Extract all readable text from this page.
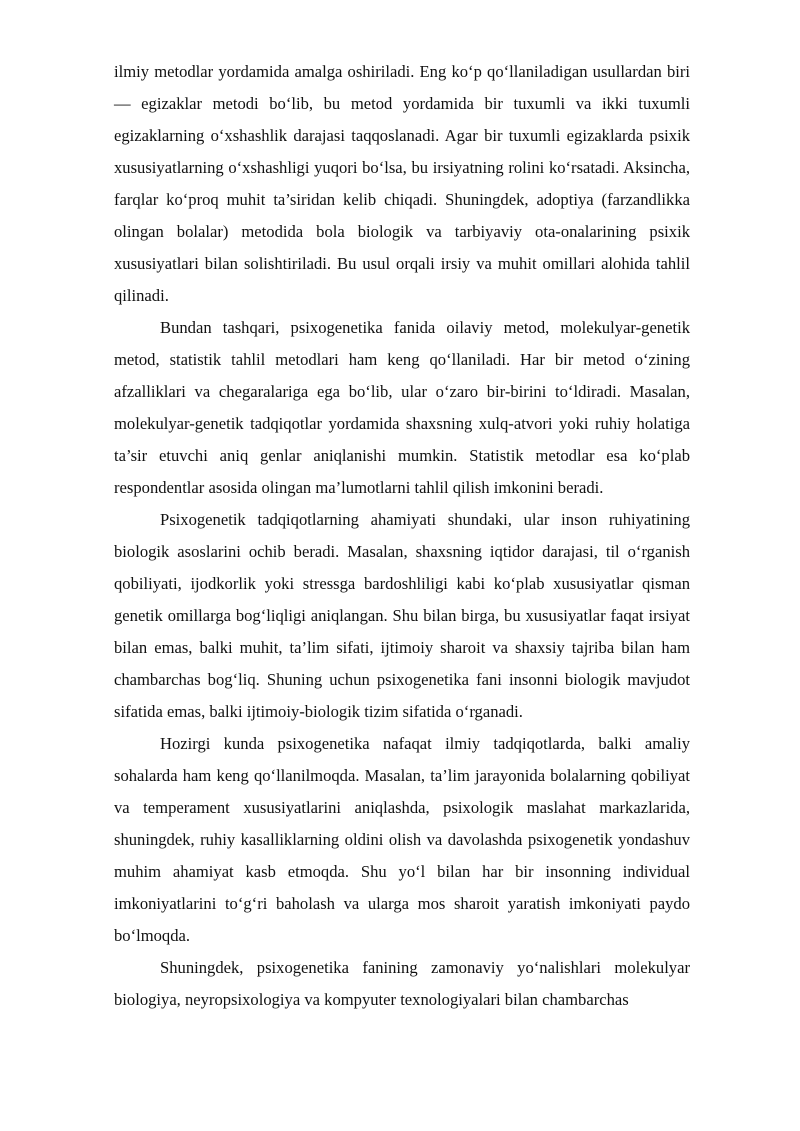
ilmiy metodlar yordamida amalga oshiriladi. Eng ko‘p qo‘llaniladigan usullardan biri — egizaklar metodi bo‘lib, bu metod yordamida bir tuxumli va ikki tuxumli egizaklarning o‘xshashlik darajasi taqqoslanadi. Agar bir tuxumli egizaklarda psixik xususiyatlarning o‘xshashligi yuqori bo‘lsa, bu irsiyatning rolini ko‘rsatadi. Aksincha, farqlar ko‘proq muhit ta’siridan kelib chiqadi. Shuningdek, adoptiya (farzandlikka olingan bolalar) metodida bola biologik va tarbiyaviy ota-onalarining psixik xususiyatlari bilan solishtiriladi. Bu usul orqali irsiy va muhit omillari alohida tahlil qilinadi.

Bundan tashqari, psixogenetika fanida oilaviy metod, molekulyar-genetik metod, statistik tahlil metodlari ham keng qo‘llaniladi. Har bir metod o‘zining afzalliklari va chegaralariga ega bo‘lib, ular o‘zaro bir-birini to‘ldiradi. Masalan, molekulyar-genetik tadqiqotlar yordamida shaxsning xulq-atvori yoki ruhiy holatiga ta’sir etuvchi aniq genlar aniqlanishi mumkin. Statistik metodlar esa ko‘plab respondentlar asosida olingan ma’lumotlarni tahlil qilish imkonini beradi.

Psixogenetik tadqiqotlarning ahamiyati shundaki, ular inson ruhiyatining biologik asoslarini ochib beradi. Masalan, shaxsning iqtidor darajasi, til o‘rganish qobiliyati, ijodkorlik yoki stressga bardoshliligi kabi ko‘plab xususiyatlar qisman genetik omillarga bog‘liqligi aniqlangan. Shu bilan birga, bu xususiyatlar faqat irsiyat bilan emas, balki muhit, ta’lim sifati, ijtimoiy sharoit va shaxsiy tajriba bilan ham chambarchas bog‘liq. Shuning uchun psixogenetika fani insonni biologik mavjudot sifatida emas, balki ijtimoiy-biologik tizim sifatida o‘rganadi.

Hozirgi kunda psixogenetika nafaqat ilmiy tadqiqotlarda, balki amaliy sohalarda ham keng qo‘llanilmoqda. Masalan, ta’lim jarayonida bolalarning qobiliyat va temperament xususiyatlarini aniqlashda, psixologik maslahat markazlarida, shuningdek, ruhiy kasalliklarning oldini olish va davolashda psixogenetik yondashuv muhim ahamiyat kasb etmoqda. Shu yo‘l bilan har bir insonning individual imkoniyatlarini to‘g‘ri baholash va ularga mos sharoit yaratish imkoniyati paydo bo‘lmoqda.

Shuningdek, psixogenetika fanining zamonaviy yo‘nalishlari molekulyar biologiya, neyropsixologiya va kompyuter texnologiyalari bilan chambarchas
